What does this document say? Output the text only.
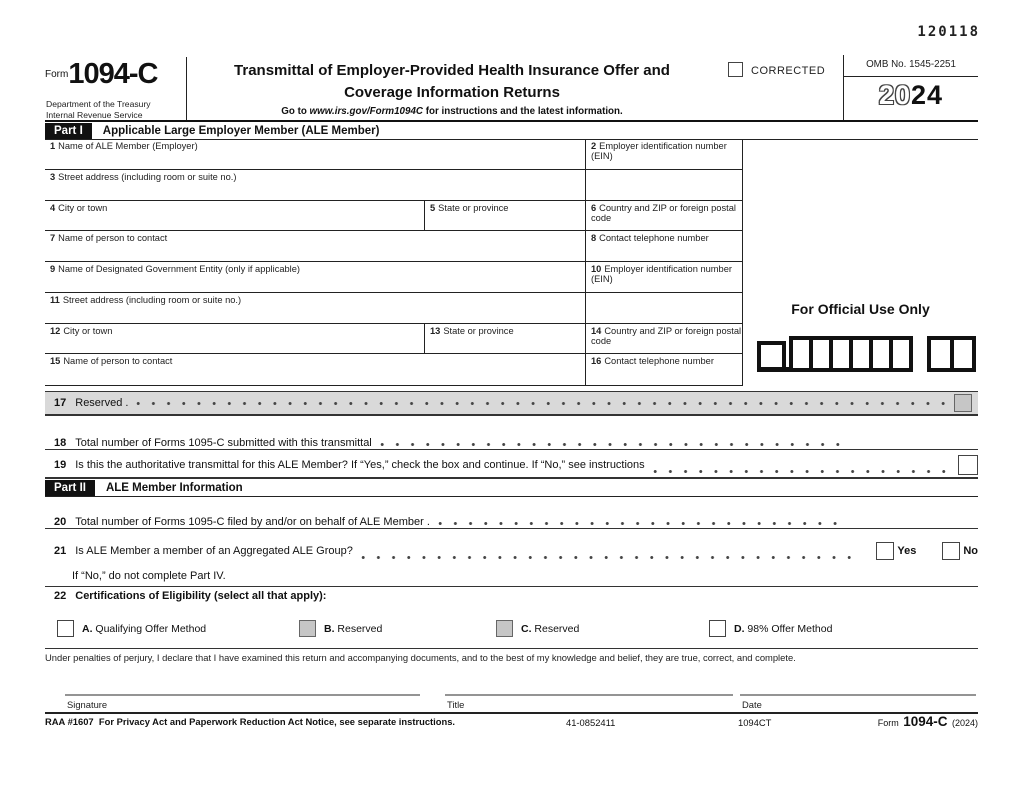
120118
$^{Form}$1094-C
Department of the Treasury
Internal Revenue Service
Transmittal of Employer-Provided Health Insurance Offer and
Coverage Information Returns
Go to www.irs.gov/Form1094C for instructions and the latest information.
CORRECTED
OMB No. 1545-2251
2024
Part I	Applicable Large Employer Member (ALE Member)
1 Name of ALE Member (Employer)	2 Employer identification number (EIN)
3 Street address (including room or suite no.)
4 City or town	5 State or province	6 Country and ZIP or foreign postal code
7 Name of person to contact	8 Contact telephone number
9 Name of Designated Government Entity (only if applicable)	10 Employer identification number (EIN)
11 Street address (including room or suite no.)
12 City or town	13 State or province	14 Country and ZIP or foreign postal code
15 Name of person to contact	16 Contact telephone number
For Official Use Only
17 Reserved .
18 Total number of Forms 1095-C submitted with this transmittal
19 Is this the authoritative transmittal for this ALE Member? If “Yes,” check the box and continue. If “No,” see instructions
Part II	ALE Member Information
20 Total number of Forms 1095-C filed by and/or on behalf of ALE Member .
21 Is ALE Member a member of an Aggregated ALE Group?	Yes	No
If “No,” do not complete Part IV.
22 Certifications of Eligibility (select all that apply):
A. Qualifying Offer Method	B. Reserved	C. Reserved	D. 98% Offer Method
Under penalties of perjury, I declare that I have examined this return and accompanying documents, and to the best of my knowledge and belief, they are true, correct, and complete.
Signature	Title	Date
RAA #1607 For Privacy Act and Paperwork Reduction Act Notice, see separate instructions.	41-0852411	1094CT	Form 1094-C (2024)
